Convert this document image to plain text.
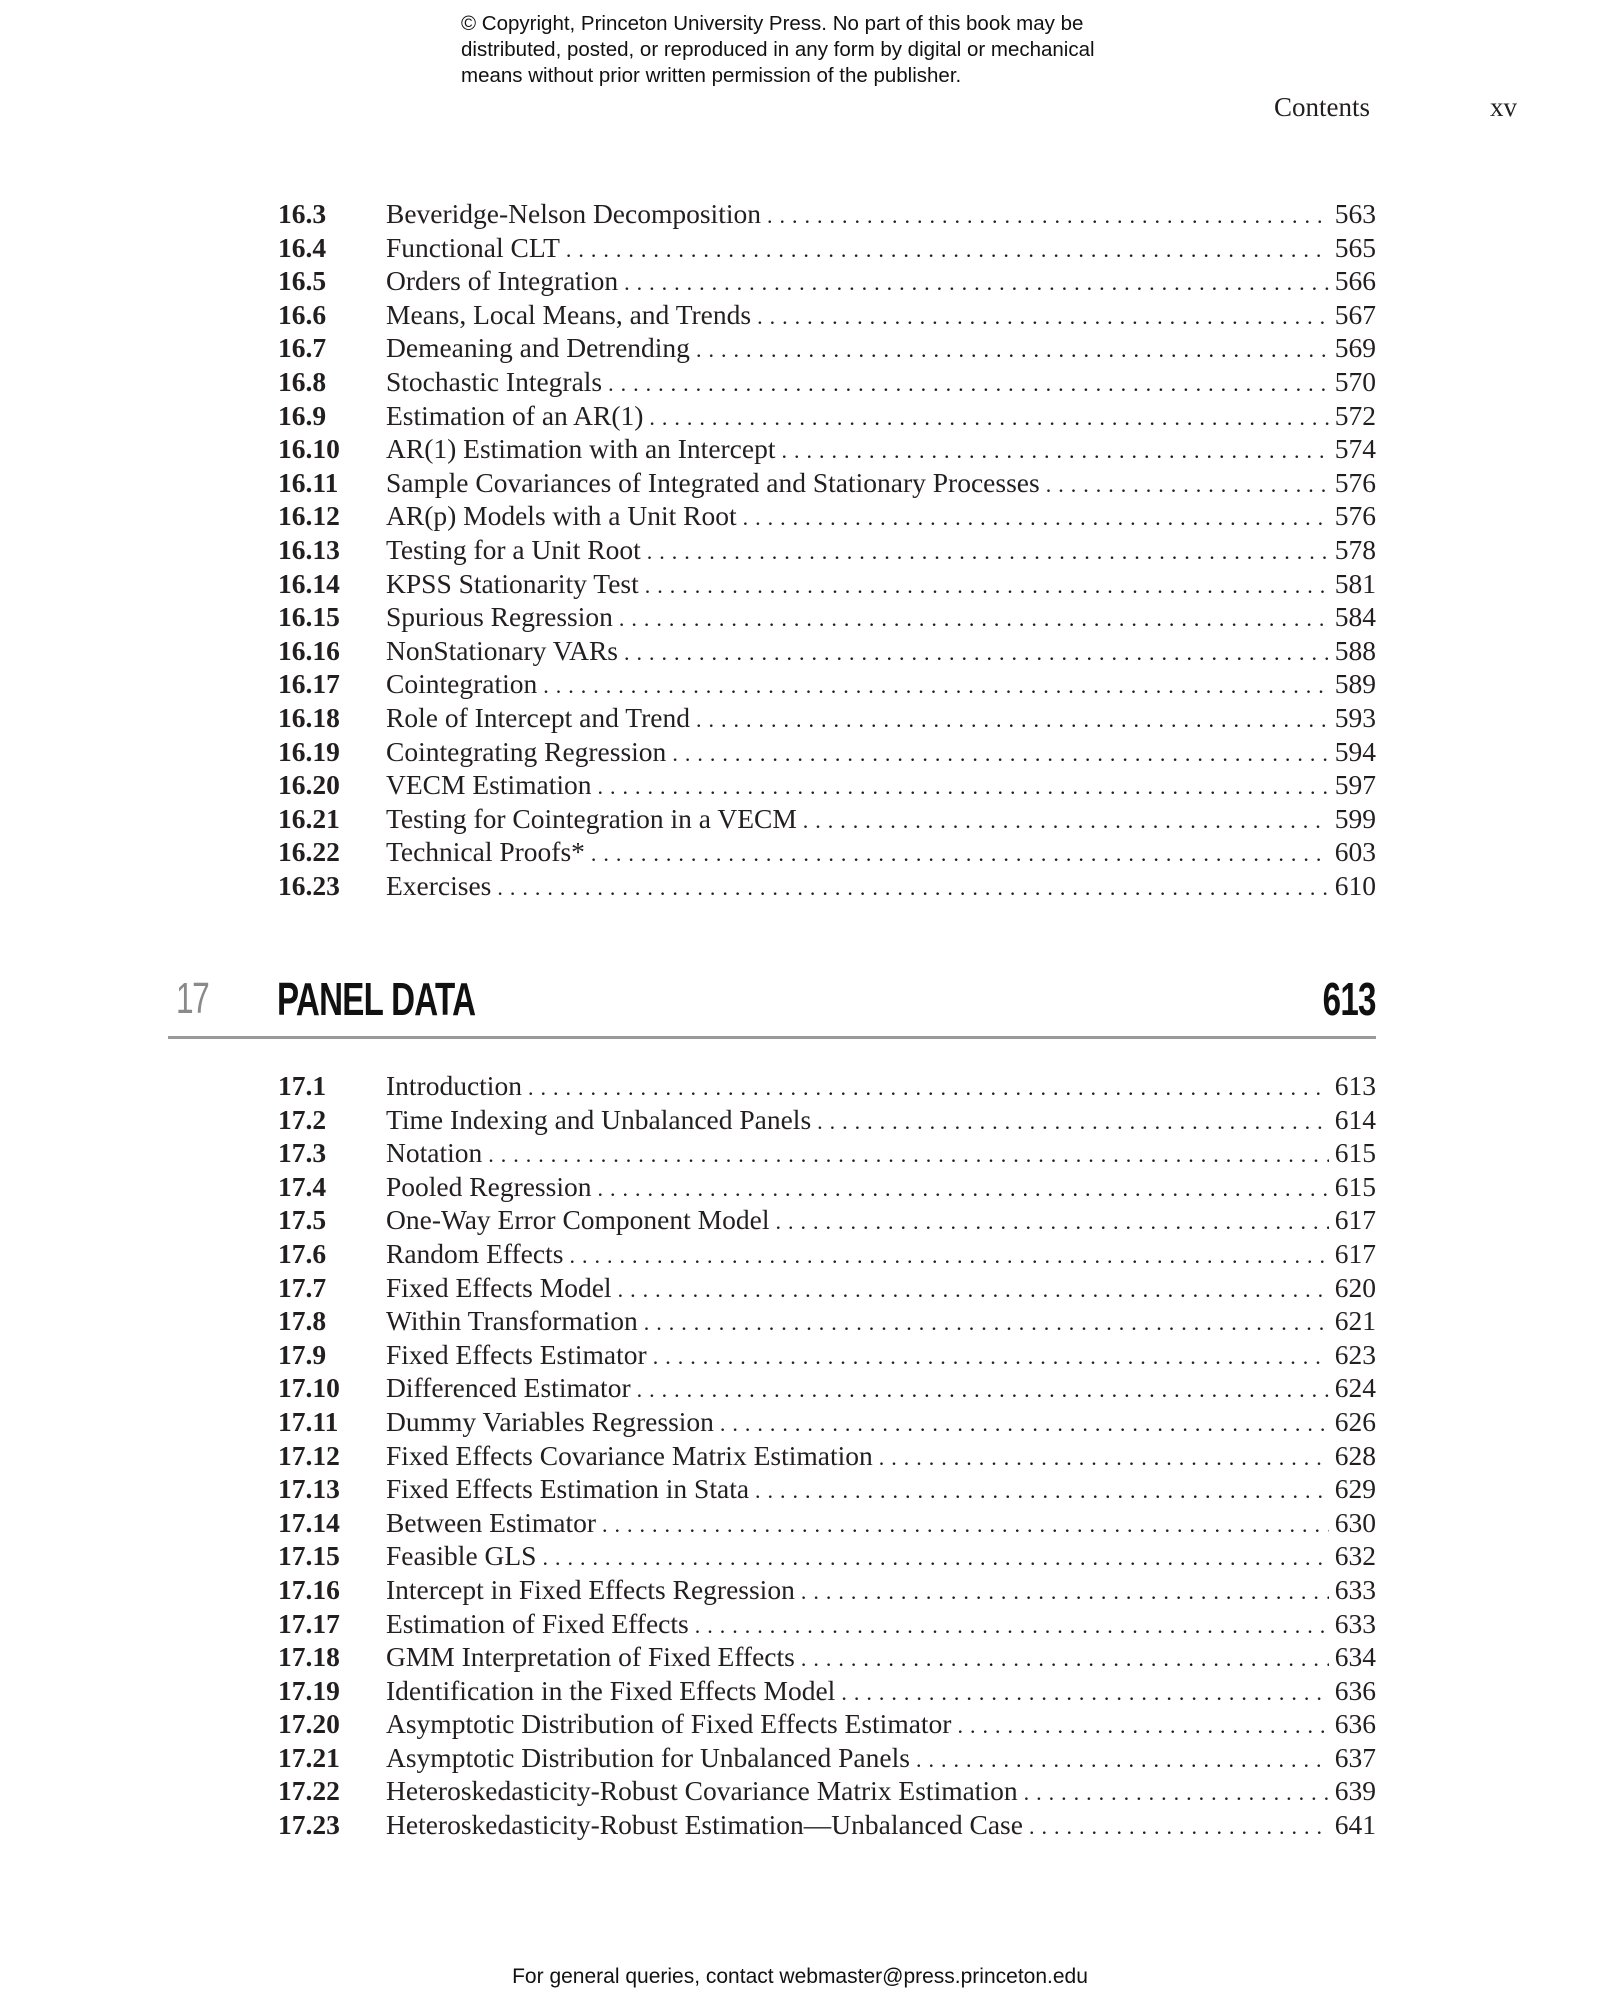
© Copyright, Princeton University Press. No part of this book may be
distributed, posted, or reproduced in any form by digital or mechanical
means without prior written permission of the publisher.
Contents	xv
16.3	Beveridge-Nelson Decomposition . . .	563
16.4	Functional CLT . . .	565
16.5	Orders of Integration . . .	566
16.6	Means, Local Means, and Trends . . .	567
16.7	Demeaning and Detrending . . .	569
16.8	Stochastic Integrals . . .	570
16.9	Estimation of an AR(1) . . .	572
16.10	AR(1) Estimation with an Intercept . . .	574
16.11	Sample Covariances of Integrated and Stationary Processes . . .	576
16.12	AR(p) Models with a Unit Root . . .	576
16.13	Testing for a Unit Root . . .	578
16.14	KPSS Stationarity Test . . .	581
16.15	Spurious Regression . . .	584
16.16	NonStationary VARs . . .	588
16.17	Cointegration . . .	589
16.18	Role of Intercept and Trend . . .	593
16.19	Cointegrating Regression . . .	594
16.20	VECM Estimation . . .	597
16.21	Testing for Cointegration in a VECM . . .	599
16.22	Technical Proofs* . . .	603
16.23	Exercises . . .	610
17 PANEL DATA	613
17.1	Introduction . . .	613
17.2	Time Indexing and Unbalanced Panels . . .	614
17.3	Notation . . .	615
17.4	Pooled Regression . . .	615
17.5	One-Way Error Component Model . . .	617
17.6	Random Effects . . .	617
17.7	Fixed Effects Model . . .	620
17.8	Within Transformation . . .	621
17.9	Fixed Effects Estimator . . .	623
17.10	Differenced Estimator . . .	624
17.11	Dummy Variables Regression . . .	626
17.12	Fixed Effects Covariance Matrix Estimation . . .	628
17.13	Fixed Effects Estimation in Stata . . .	629
17.14	Between Estimator . . .	630
17.15	Feasible GLS . . .	632
17.16	Intercept in Fixed Effects Regression . . .	633
17.17	Estimation of Fixed Effects . . .	633
17.18	GMM Interpretation of Fixed Effects . . .	634
17.19	Identification in the Fixed Effects Model . . .	636
17.20	Asymptotic Distribution of Fixed Effects Estimator . . .	636
17.21	Asymptotic Distribution for Unbalanced Panels . . .	637
17.22	Heteroskedasticity-Robust Covariance Matrix Estimation . . .	639
17.23	Heteroskedasticity-Robust Estimation—Unbalanced Case . . .	641
For general queries, contact webmaster@press.princeton.edu
